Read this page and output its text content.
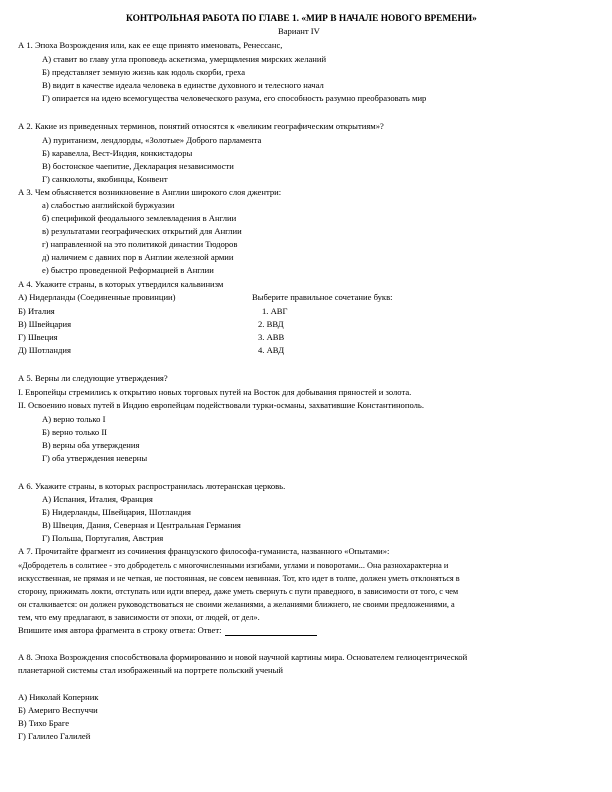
КОНТРОЛЬНАЯ РАБОТА ПО ГЛАВЕ 1. «МИР В НАЧАЛЕ НОВОГО ВРЕМЕНИ»
Вариант IV
А 1. Эпоха Возрождения или, как ее еще принято именовать, Ренессанс,
А) ставит во главу угла проповедь аскетизма, умерщвления мирских желаний
Б) представляет земную жизнь как юдоль скорби, греха
В) видит в качестве идеала человека в единстве духовного и телесного начал
Г) опирается на идею всемогущества человеческого разума, его способность разумно преобразовать мир
А 2. Какие из приведенных терминов, понятий относятся к «великим географическим открытиям»?
А) пуританизм, лендлорды, «Золотые» Доброго парламента
Б) каравелла, Вест-Индия, конкистадоры
В) бостонское чаепитие, Декларация независимости
Г) санкюлоты, якобинцы, Конвент
А 3. Чем объясняется возникновение в Англии широкого слоя джентри:
а) слабостью английской буржуазии
б) спецификой феодального землевладения в Англии
в) результатами географических открытий для Англии
г) направленной на это политикой династии Тюдоров
д) наличием с давних пор в Англии железной армии
е) быстро проведенной Реформацией в Англии
А 4. Укажите страны, в которых утвердился кальвинизм
А) Нидерланды (Соединенные провинции)	Выберите правильное сочетание букв:
Б) Италия	1. АВГ
В) Швейцария	2. ВВД
Г) Швеция	3. АВВ
Д) Шотландия	4. АВД
А 5. Верны ли следующие утверждения?
I. Европейцы стремились к открытию новых торговых путей на Восток для добывания пряностей и золота.
II. Освоению новых путей в Индию европейцам подействовали турки-османы, захватившие Константинополь.
А) верно только I
Б) верно только II
В) верны оба утверждения
Г) оба утверждения неверны
А 6. Укажите страны, в которых распространилась лютеранская церковь.
А) Испания, Италия, Франция
Б) Нидерланды, Швейцария, Шотландия
В) Швеция, Дания, Северная и Центральная Германия
Г) Польша, Португалия, Австрия
А 7. Прочитайте фрагмент из сочинения французского философа-гуманиста, названного «Опытами»:
«Добродетель в солнтиее - это добродетель с многочисленными изгибами, углами и поворотами... Она разнохарактерна и
искусственная, не прямая и не четкая, не постоянная, не совсем невинная. Тот, кто идет в толпе, должен уметь отклоняться в
сторону, прижимать локти, отступать или идти вперед, даже уметь свернуть с пути праведного, в зависимости от того, с чем
он сталкивается: он должен руководствоваться не своими желаниями, а желаниями ближнего, не своими предложениями, а
тем, что ему предлагают, в зависимости от эпохи, от людей, от дел».
Впишите имя автора фрагмента в строку ответа: Ответ:
А 8. Эпоха Возрождения способствовала формированию и новой научной картины мира. Основателем гелиоцентрической
планетарной системы стал изображенный на портрете польский ученый
А) Николай Коперник
Б) Америго Веспуччи
В) Тихо Браге
Г) Галилео Галилей
